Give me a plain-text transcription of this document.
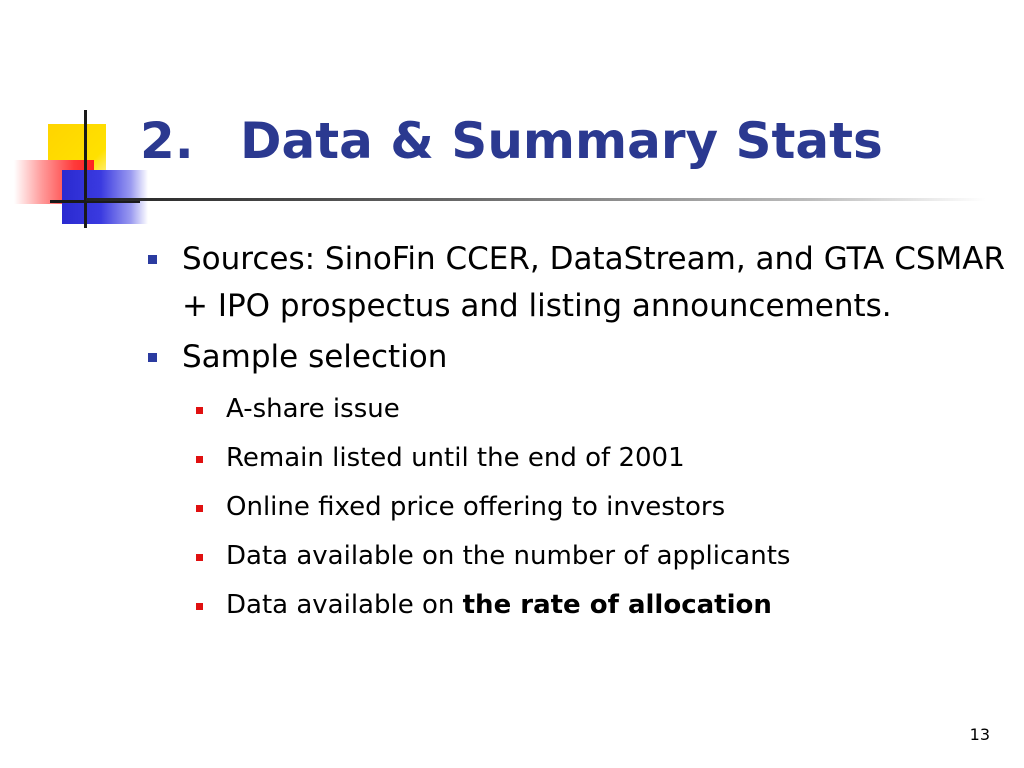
2. Data & Summary Stats
Sources: SinoFin CCER, DataStream, and GTA CSMAR + IPO prospectus and listing announcements.
Sample selection
A-share issue
Remain listed until the end of 2001
Online fixed price offering to investors
Data available on the number of applicants
Data available on the rate of allocation
13
